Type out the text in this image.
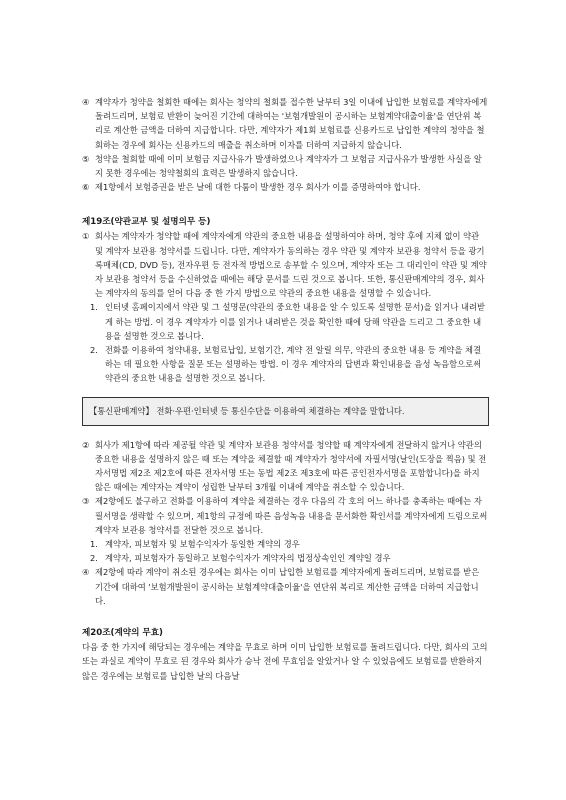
④ 계약자가 청약을 철회한 때에는 회사는 청약의 철회를 접수한 날부터 3일 이내에 납입한 보험료를 계약자에게 돌려드리며, 보험료 반환이 늦어진 기간에 대하여는 '보험개발원이 공시하는 보험계약대출이율'을 연단위 복리로 계산한 금액을 더하여 지급합니다. 다만, 계약자가 제1회 보험료를 신용카드로 납입한 계약의 청약을 철회하는 경우에 회사는 신용카드의 매출을 취소하며 이자를 더하여 지급하지 않습니다.

⑤ 청약을 철회할 때에 이미 보험금 지급사유가 발생하였으나 계약자가 그 보험금 지급사유가 발생한 사실을 알지 못한 경우에는 청약철회의 효력은 발생하지 않습니다.

⑥ 제1항에서 보험증권을 받은 날에 대한 다툼이 발생한 경우 회사가 이를 증명하여야 합니다.

제19조(약관교부 및 설명의무 등)

① 회사는 계약자가 청약할 때에 계약자에게 약관의 중요한 내용을 설명하여야 하며, 청약 후에 지체 없이 약관 및 계약자 보관용 청약서를 드립니다. 다만, 계약자가 동의하는 경우 약관 및 계약자 보관용 청약서 등을 광기록매체(CD, DVD 등), 전자우편 등 전자적 방법으로 송부할 수 있으며, 계약자 또는 그 대리인이 약관 및 계약자 보관용 청약서 등을 수신하였을 때에는 해당 문서를 드린 것으로 봅니다. 또한, 통신판매계약의 경우, 회사는 계약자의 동의를 얻어 다음 중 한 가지 방법으로 약관의 중요한 내용을 설명할 수 있습니다.

1. 인터넷 홈페이지에서 약관 및 그 설명문(약관의 중요한 내용을 알 수 있도록 설명한 문서)을 읽거나 내려받게 하는 방법. 이 경우 계약자가 이를 읽거나 내려받은 것을 확인한 때에 당해 약관을 드리고 그 중요한 내용을 설명한 것으로 봅니다.

2. 전화를 이용하여 청약내용, 보험료납입, 보험기간, 계약 전 알릴 의무, 약관의 중요한 내용 등 계약을 체결하는 데 필요한 사항을 질문 또는 설명하는 방법. 이 경우 계약자의 답변과 확인내용을 음성 녹음함으로써 약관의 중요한 내용을 설명한 것으로 봅니다.

【통신판매계약】 전화·우편·인터넷 등 통신수단을 이용하여 체결하는 계약을 말합니다.

② 회사가 제1항에 따라 제공될 약관 및 계약자 보관용 청약서를 청약할 때 계약자에게 전달하지 않거나 약관의 중요한 내용을 설명하지 않은 때 또는 계약을 체결할 때 계약자가 청약서에 자필서명(날인(도장을 찍음) 및 전자서명법 제2조 제2호에 따른 전자서명 또는 동법 제2조 제3호에 따른 공인전자서명을 포함합니다)을 하지 않은 때에는 계약자는 계약이 성립한 날부터 3개월 이내에 계약을 취소할 수 있습니다.

③ 제2항에도 불구하고 전화를 이용하여 계약을 체결하는 경우 다음의 각 호의 어느 하나를 충족하는 때에는 자필서명을 생략할 수 있으며, 제1항의 규정에 따른 음성녹음 내용을 문서화한 확인서를 계약자에게 드림으로써 계약자 보관용 청약서를 전달한 것으로 봅니다.

1. 계약자, 피보험자 및 보험수익자가 동일한 계약의 경우

2. 계약자, 피보험자가 동일하고 보험수익자가 계약자의 법정상속인인 계약일 경우

④ 제2항에 따라 계약이 취소된 경우에는 회사는 이미 납입한 보험료를 계약자에게 돌려드리며, 보험료를 받은 기간에 대하여 '보험개발원이 공시하는 보험계약대출이율'을 연단위 복리로 계산한 금액을 더하여 지급합니다.

제20조(계약의 무효)

다음 중 한 가지에 해당되는 경우에는 계약을 무효로 하며 이미 납입한 보험료를 돌려드립니다. 다만, 회사의 고의 또는 과실로 계약이 무효로 된 경우와 회사가 승낙 전에 무효임을 알았거나 알 수 있었음에도 보험료를 반환하지 않은 경우에는 보험료를 납입한 날의 다음날
